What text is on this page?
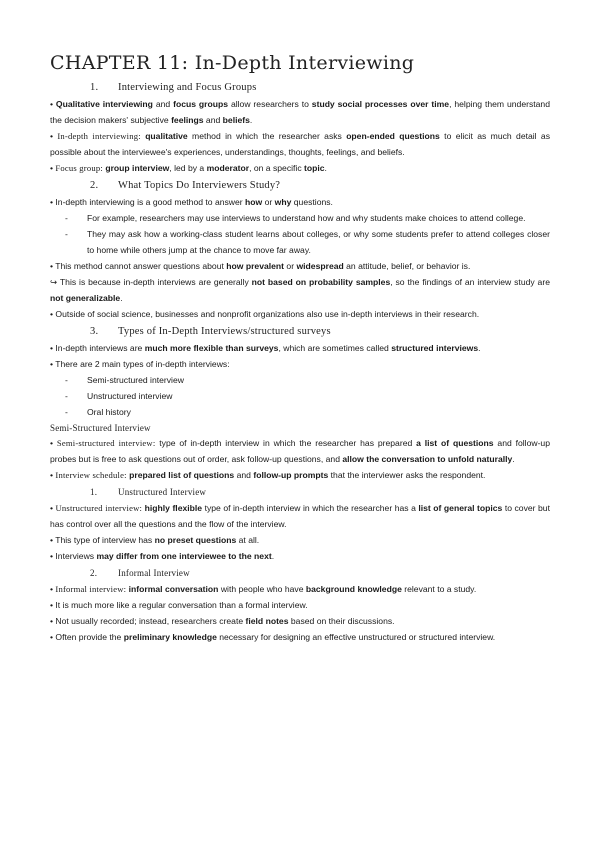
CHAPTER 11: In-Depth Interviewing
1. Interviewing and Focus Groups

• Qualitative interviewing and focus groups allow researchers to study social processes over time, helping them understand the decision makers' subjective feelings and beliefs.

• In-depth interviewing: qualitative method in which the researcher asks open-ended questions to elicit as much detail as possible about the interviewee's experiences, understandings, thoughts, feelings, and beliefs.

• Focus group: group interview, led by a moderator, on a specific topic.

2. What Topics Do Interviewers Study?

• In-depth interviewing is a good method to answer how or why questions.

- For example, researchers may use interviews to understand how and why students make choices to attend college.
- They may ask how a working-class student learns about colleges, or why some students prefer to attend colleges closer to home while others jump at the chance to move far away.

• This method cannot answer questions about how prevalent or widespread an attitude, belief, or behavior is.

↪ This is because in-depth interviews are generally not based on probability samples, so the findings of an interview study are not generalizable.

• Outside of social science, businesses and nonprofit organizations also use in-depth interviews in their research.

3. Types of In-Depth Interviews/structured surveys

• In-depth interviews are much more flexible than surveys, which are sometimes called structured interviews.

• There are 2 main types of in-depth interviews:

- Semi-structured interview
- Unstructured interview
- Oral history
Semi-Structured Interview

• Semi-structured interview: type of in-depth interview in which the researcher has prepared a list of questions and follow-up probes but is free to ask questions out of order, ask follow-up questions, and allow the conversation to unfold naturally.

• Interview schedule: prepared list of questions and follow-up prompts that the interviewer asks the respondent.

1. Unstructured Interview

• Unstructured interview: highly flexible type of in-depth interview in which the researcher has a list of general topics to cover but has control over all the questions and the flow of the interview.

• This type of interview has no preset questions at all.

• Interviews may differ from one interviewee to the next.

2. Informal Interview

• Informal interview: informal conversation with people who have background knowledge relevant to a study.

• It is much more like a regular conversation than a formal interview.

• Not usually recorded; instead, researchers create field notes based on their discussions.

• Often provide the preliminary knowledge necessary for designing an effective unstructured or structured interview.
